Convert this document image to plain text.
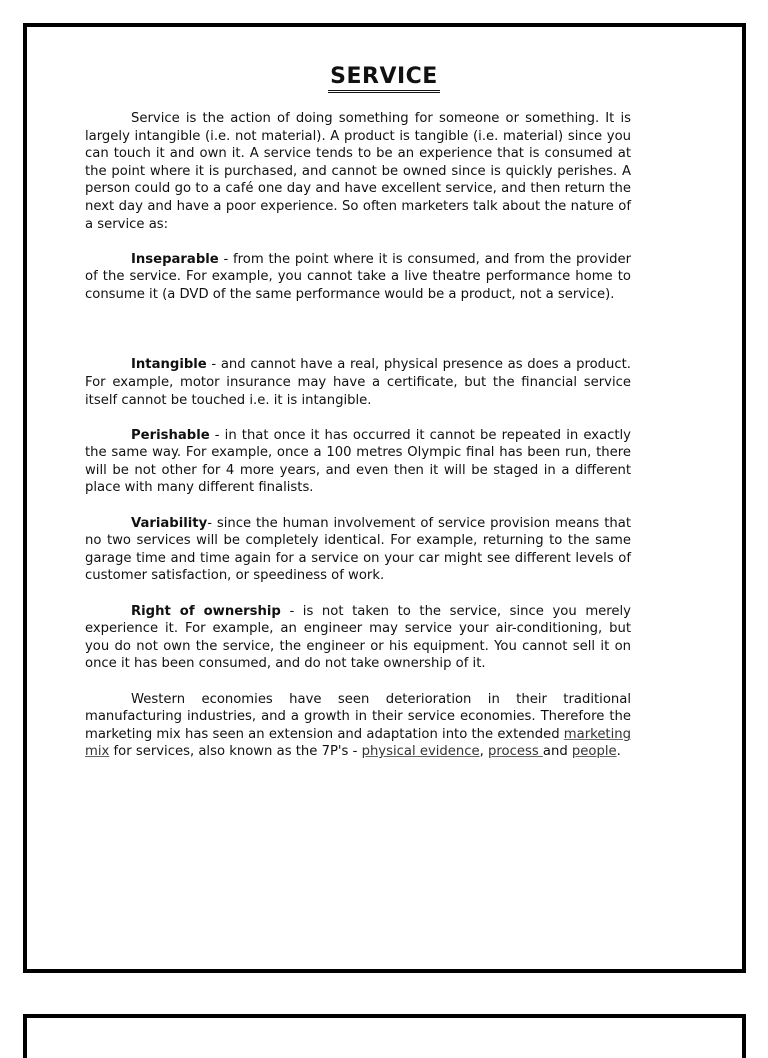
SERVICE

Service is the action of doing something for someone or something. It is largely intangible (i.e. not material). A product is tangible (i.e. material) since you can touch it and own it. A service tends to be an experience that is consumed at the point where it is purchased, and cannot be owned since is quickly perishes. A person could go to a café one day and have excellent service, and then return the next day and have a poor experience. So often marketers talk about the nature of a service as:

Inseparable - from the point where it is consumed, and from the provider of the service. For example, you cannot take a live theatre performance home to consume it (a DVD of the same performance would be a product, not a service).

Intangible - and cannot have a real, physical presence as does a product. For example, motor insurance may have a certificate, but the financial service itself cannot be touched i.e. it is intangible.

Perishable - in that once it has occurred it cannot be repeated in exactly the same way. For example, once a 100 metres Olympic final has been run, there will be not other for 4 more years, and even then it will be staged in a different place with many different finalists.

Variability- since the human involvement of service provision means that no two services will be completely identical. For example, returning to the same garage time and time again for a service on your car might see different levels of customer satisfaction, or speediness of work.

Right of ownership - is not taken to the service, since you merely experience it. For example, an engineer may service your air-conditioning, but you do not own the service, the engineer or his equipment. You cannot sell it on once it has been consumed, and do not take ownership of it.

Western economies have seen deterioration in their traditional manufacturing industries, and a growth in their service economies. Therefore the marketing mix has seen an extension and adaptation into the extended marketing mix for services, also known as the 7P's - physical evidence, process and people.
